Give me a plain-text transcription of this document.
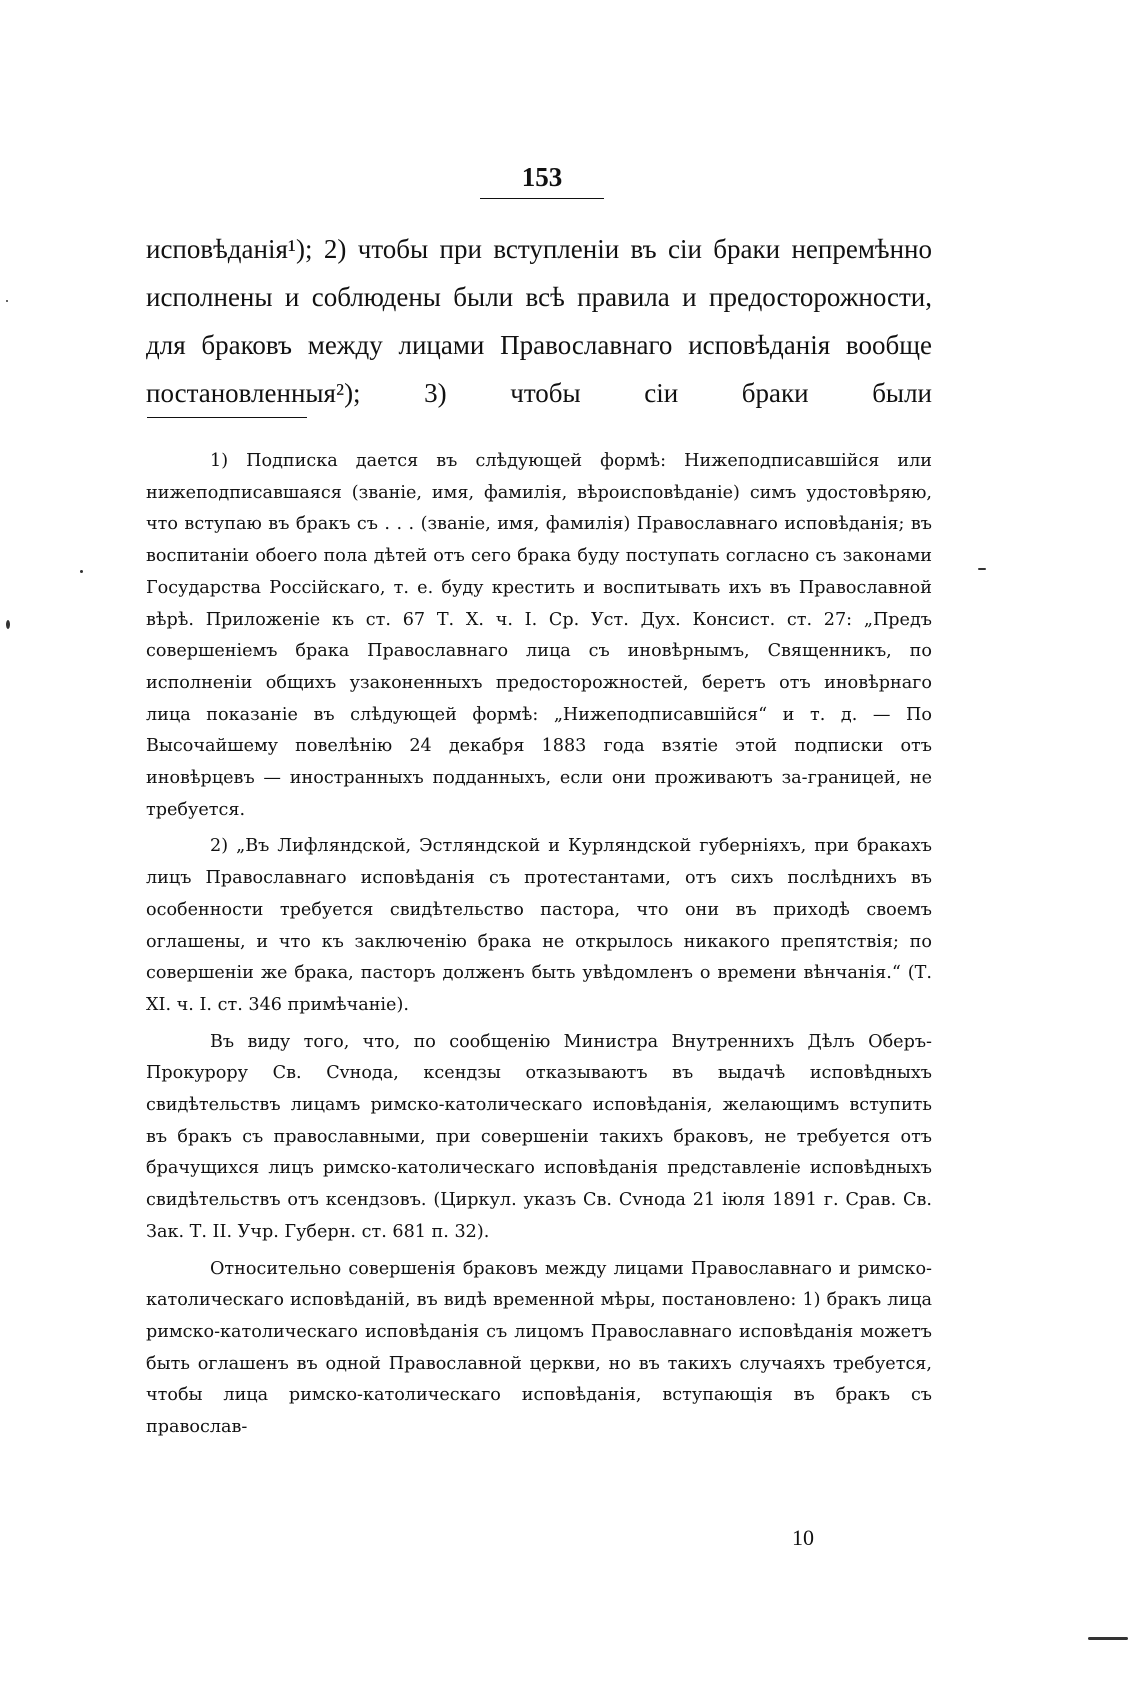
153

исповѣданія¹); 2) чтобы при вступленіи въ сіи браки непремѣнно исполнены и соблюдены были всѣ правила и предосторожности, для браковъ между лицами Православнаго исповѣданія вообще постановленныя²); 3) чтобы сіи браки были

1) Подписка дается въ слѣдующей формѣ: Нижеподписавшійся или нижеподписавшаяся (званіе, имя, фамилія, вѣроисповѣданіе) симъ удостовѣряю, что вступаю въ бракъ съ . . . (званіе, имя, фамилія) Православнаго исповѣданія; въ воспитаніи обоего пола дѣтей отъ сего брака буду поступать согласно съ законами Государства Россійскаго, т. е. буду крестить и воспитывать ихъ въ Православной вѣрѣ. Приложеніе къ ст. 67 Т. X. ч. I. Ср. Уст. Дух. Консист. ст. 27: „Предъ совершеніемъ брака Православнаго лица съ иновѣрнымъ, Священникъ, по исполненіи общихъ узаконенныхъ предосторожностей, беретъ отъ иновѣрнаго лица показаніе въ слѣдующей формѣ: „Нижеподписавшійся“ и т. д. — По Высочайшему повелѣнію 24 декабря 1883 года взятіе этой подписки отъ иновѣрцевъ — иностранныхъ подданныхъ, если они проживаютъ за-границей, не требуется.

2) „Въ Лифляндской, Эстляндской и Курляндской губерніяхъ, при бракахъ лицъ Православнаго исповѣданія съ протестантами, отъ сихъ послѣднихъ въ особенности требуется свидѣтельство пастора, что они въ приходѣ своемъ оглашены, и что къ заключенію брака не открылось никакого препятствія; по совершеніи же брака, пасторъ долженъ быть увѣдомленъ о времени вѣнчанія.“ (Т. XI. ч. I. ст. 346 примѣчаніе).

Въ виду того, что, по сообщенію Министра Внутреннихъ Дѣлъ Оберъ-Прокурору Св. Сvнода, ксендзы отказываютъ въ выдачѣ исповѣдныхъ свидѣтельствъ лицамъ римско-католическаго исповѣданія, желающимъ вступить въ бракъ съ православными, при совершеніи такихъ браковъ, не требуется отъ брачущихся лицъ римско-католическаго исповѣданія представленіе исповѣдныхъ свидѣтельствъ отъ ксендзовъ. (Циркул. указъ Св. Сvнода 21 іюля 1891 г. Срав. Св. Зак. Т. II. Учр. Губерн. ст. 681 п. 32).

Относительно совершенія браковъ между лицами Православнаго и римско-католическаго исповѣданій, въ видѣ временной мѣры, постановлено: 1) бракъ лица римско-католическаго исповѣданія съ лицомъ Православнаго исповѣданія можетъ быть оглашенъ въ одной Православной церкви, но въ такихъ случаяхъ требуется, чтобы лица римско-католическаго исповѣданія, вступающія въ бракъ съ православ-

10
